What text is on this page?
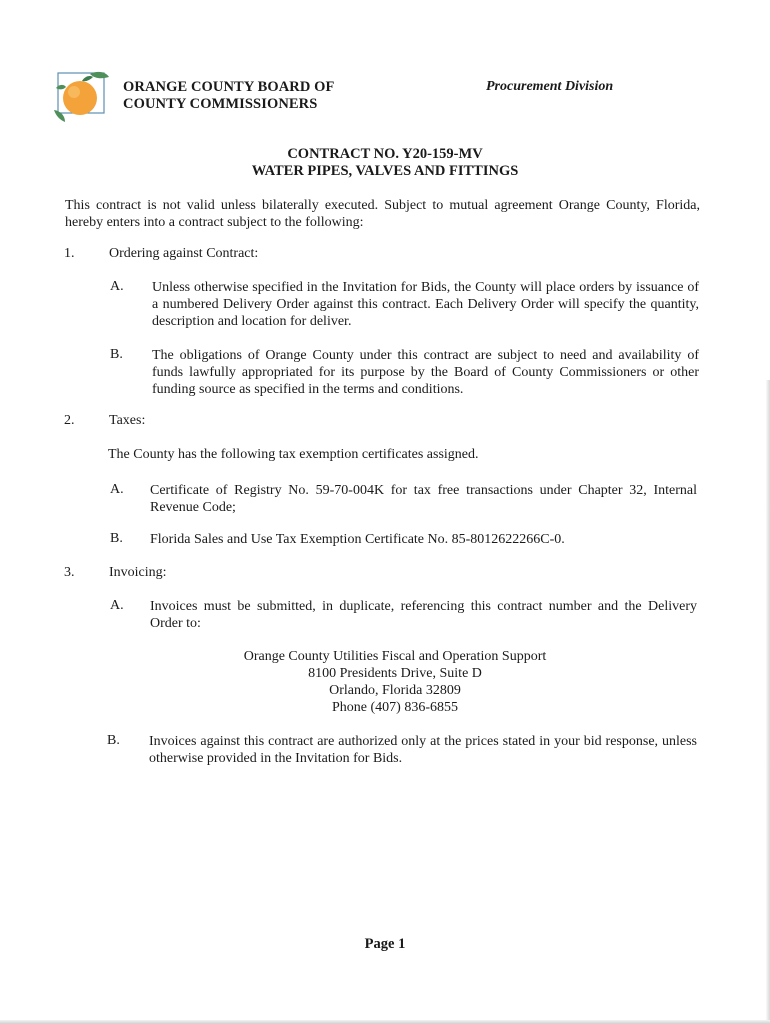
ORANGE COUNTY BOARD OF
COUNTY COMMISSIONERS
Procurement Division
CONTRACT NO. Y20-159-MV
WATER PIPES, VALVES AND FITTINGS
This contract is not valid unless bilaterally executed. Subject to mutual agreement Orange County, Florida, hereby enters into a contract subject to the following:
1. Ordering against Contract:
A. Unless otherwise specified in the Invitation for Bids, the County will place orders by issuance of a numbered Delivery Order against this contract. Each Delivery Order will specify the quantity, description and location for deliver.
B. The obligations of Orange County under this contract are subject to need and availability of funds lawfully appropriated for its purpose by the Board of County Commissioners or other funding source as specified in the terms and conditions.
2. Taxes:
The County has the following tax exemption certificates assigned.
A. Certificate of Registry No. 59-70-004K for tax free transactions under Chapter 32, Internal Revenue Code;
B. Florida Sales and Use Tax Exemption Certificate No. 85-8012622266C-0.
3. Invoicing:
A. Invoices must be submitted, in duplicate, referencing this contract number and the Delivery Order to:
Orange County Utilities Fiscal and Operation Support
8100 Presidents Drive, Suite D
Orlando, Florida 32809
Phone (407) 836-6855
B. Invoices against this contract are authorized only at the prices stated in your bid response, unless otherwise provided in the Invitation for Bids.
Page 1
